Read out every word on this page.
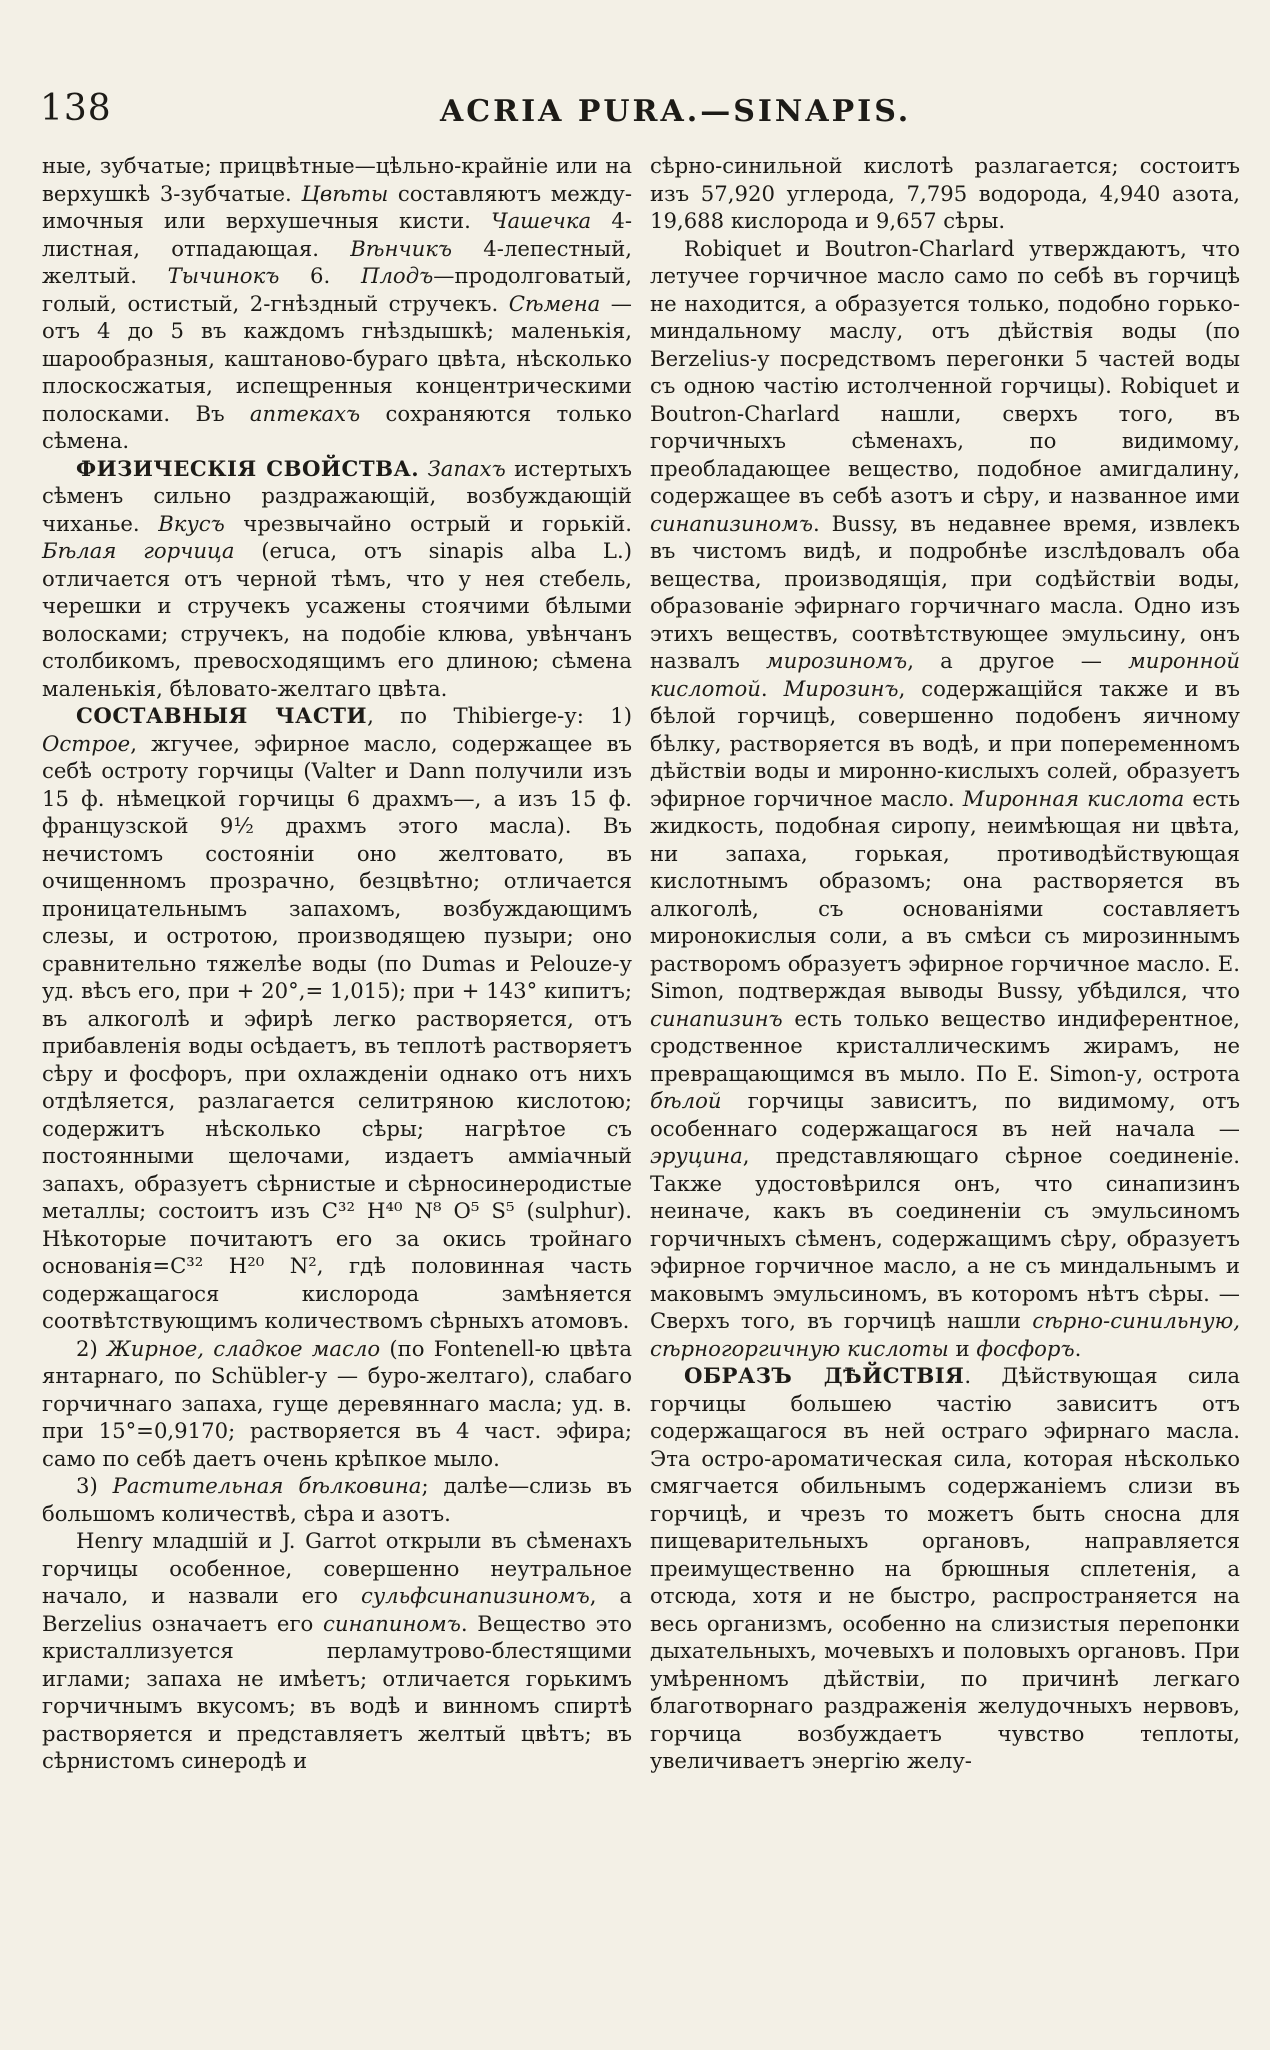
138	ACRIA PURA.—SINAPIS.

ные, зубчатые; прицвѣтные—цѣльно-крайніе или на верхушкѣ 3-зубчатые. Цвѣты составляютъ между-имочныя или верхушечныя кисти. Чашечка 4-листная, отпадающая. Вѣнчикъ 4-лепестный, желтый. Тычинокъ 6. Плодъ—продолговатый, голый, остистый, 2-гнѣздный стручекъ. Сѣмена — отъ 4 до 5 въ каждомъ гнѣздышкѣ; маленькія, шарообразныя, каштаново-бураго цвѣта, нѣсколько плоскосжатыя, испещренныя концентрическими полосками. Въ аптекахъ сохраняются только сѣмена.

ФИЗИЧЕСКІЯ СВОЙСТВА. Запахъ истертыхъ сѣменъ сильно раздражающій, возбуждающій чиханье. Вкусъ чрезвычайно острый и горькій. Бѣлая горчица (eruca, отъ sinapis alba L.) отличается отъ черной тѣмъ, что у нея стебель, черешки и стручекъ усажены стоячими бѣлыми волосками; стручекъ, на подобіе клюва, увѣнчанъ столбикомъ, превосходящимъ его длиною; сѣмена маленькія, бѣловато-желтаго цвѣта.

СОСТАВНЫЯ ЧАСТИ, по Thibierge-у: 1) Острое, жгучее, эфирное масло, содержащее въ себѣ остроту горчицы (Valter и Dann получили изъ 15 ф. нѣмецкой горчицы 6 драхмъ—, а изъ 15 ф. французской 9½ драхмъ этого масла). Въ нечистомъ состояніи оно желтовато, въ очищенномъ прозрачно, безцвѣтно; отличается проницательнымъ запахомъ, возбуждающимъ слезы, и остротою, производящею пузыри; оно сравнительно тяжелѣе воды (по Dumas и Pelouze-у уд. вѣсъ его, при + 20°,= 1,015); при + 143° кипитъ; въ алкоголѣ и эфирѣ легко растворяется, отъ прибавленія воды осѣдаетъ, въ теплотѣ растворяетъ сѣру и фосфоръ, при охлажденіи однако отъ нихъ отдѣляется, разлагается селитряною кислотою; содержитъ нѣсколько сѣры; нагрѣтое съ постоянными щелочами, издаетъ амміачный запахъ, образуетъ сѣрнистые и сѣрносинеродистые металлы; состоитъ изъ C³² H⁴⁰ N⁸ O⁵ S⁵ (sulphur). Нѣкоторые почитаютъ его за окись тройнаго основанія=C³² H²⁰ N², гдѣ половинная часть содержащагося кислорода замѣняется соотвѣтствующимъ количествомъ сѣрныхъ атомовъ.

2) Жирное, сладкое масло (по Fontenell-ю цвѣта янтарнаго, по Schübler-у — буро-желтаго), слабаго горчичнаго запаха, гуще деревяннаго масла; уд. в. при 15°=0,9170; растворяется въ 4 част. эфира; само по себѣ даетъ очень крѣпкое мыло.

3) Растительная бѣлковина; далѣе—слизь въ большомъ количествѣ, сѣра и азотъ.

Henry младшій и J. Garrot открыли въ сѣменахъ горчицы особенное, совершенно неутральное начало, и назвали его сульфсинапизиномъ, а Berzelius означаетъ его синапиномъ. Вещество это кристаллизуется перламутрово-блестящими иглами; запаха не имѣетъ; отличается горькимъ горчичнымъ вкусомъ; въ водѣ и винномъ спиртѣ растворяется и представляетъ желтый цвѣтъ; въ сѣрнистомъ синеродѣ и

сѣрно-синильной кислотѣ разлагается; состоитъ изъ 57,920 углерода, 7,795 водорода, 4,940 азота, 19,688 кислорода и 9,657 сѣры.

Robiquet и Boutron-Charlard утверждаютъ, что летучее горчичное масло само по себѣ въ горчицѣ не находится, а образуется только, подобно горько-миндальному маслу, отъ дѣйствія воды (по Berzelius-у посредствомъ перегонки 5 частей воды съ одною частію истолченной горчицы). Robiquet и Boutron-Charlard нашли, сверхъ того, въ горчичныхъ сѣменахъ, по видимому, преобладающее вещество, подобное амигдалину, содержащее въ себѣ азотъ и сѣру, и названное ими синапизиномъ. Bussy, въ недавнее время, извлекъ въ чистомъ видѣ, и подробнѣе изслѣдовалъ оба вещества, производящія, при содѣйствіи воды, образованіе эфирнаго горчичнаго масла. Одно изъ этихъ веществъ, соотвѣтствующее эмульсину, онъ назвалъ мирозиномъ, а другое — миронной кислотой. Мирозинъ, содержащійся также и въ бѣлой горчицѣ, совершенно подобенъ яичному бѣлку, растворяется въ водѣ, и при попеременномъ дѣйствіи воды и миронно-кислыхъ солей, образуетъ эфирное горчичное масло. Миронная кислота есть жидкость, подобная сиропу, неимѣющая ни цвѣта, ни запаха, горькая, противодѣйствующая кислотнымъ образомъ; она растворяется въ алкоголѣ, съ основаніями составляетъ миронокислыя соли, а въ смѣси съ мирозиннымъ растворомъ образуетъ эфирное горчичное масло. E. Simon, подтверждая выводы Bussy, убѣдился, что синапизинъ есть только вещество индиферентное, сродственное кристаллическимъ жирамъ, не превращающимся въ мыло. По E. Simon-у, острота бѣлой горчицы зависитъ, по видимому, отъ особеннаго содержащагося въ ней начала — эруцина, представляющаго сѣрное соединеніе. Также удостовѣрился онъ, что синапизинъ неиначе, какъ въ соединеніи съ эмульсиномъ горчичныхъ сѣменъ, содержащимъ сѣру, образуетъ эфирное горчичное масло, а не съ миндальнымъ и маковымъ эмульсиномъ, въ которомъ нѣтъ сѣры. — Сверхъ того, въ горчицѣ нашли сѣрно-синильную, сѣрногоргичную кислоты и фосфоръ.

ОБРАЗЪ ДѢЙСТВІЯ. Дѣйствующая сила горчицы большею частію зависитъ отъ содержащагося въ ней остраго эфирнаго масла. Эта остро-ароматическая сила, которая нѣсколько смягчается обильнымъ содержаніемъ слизи въ горчицѣ, и чрезъ то можетъ быть сносна для пищеварительныхъ органовъ, направляется преимущественно на брюшныя сплетенія, а отсюда, хотя и не быстро, распространяется на весь организмъ, особенно на слизистыя перепонки дыхательныхъ, мочевыхъ и половыхъ органовъ. При умѣренномъ дѣйствіи, по причинѣ легкаго благотворнаго раздраженія желудочныхъ нервовъ, горчица возбуждаетъ чувство теплоты, увеличиваетъ энергію желу-
